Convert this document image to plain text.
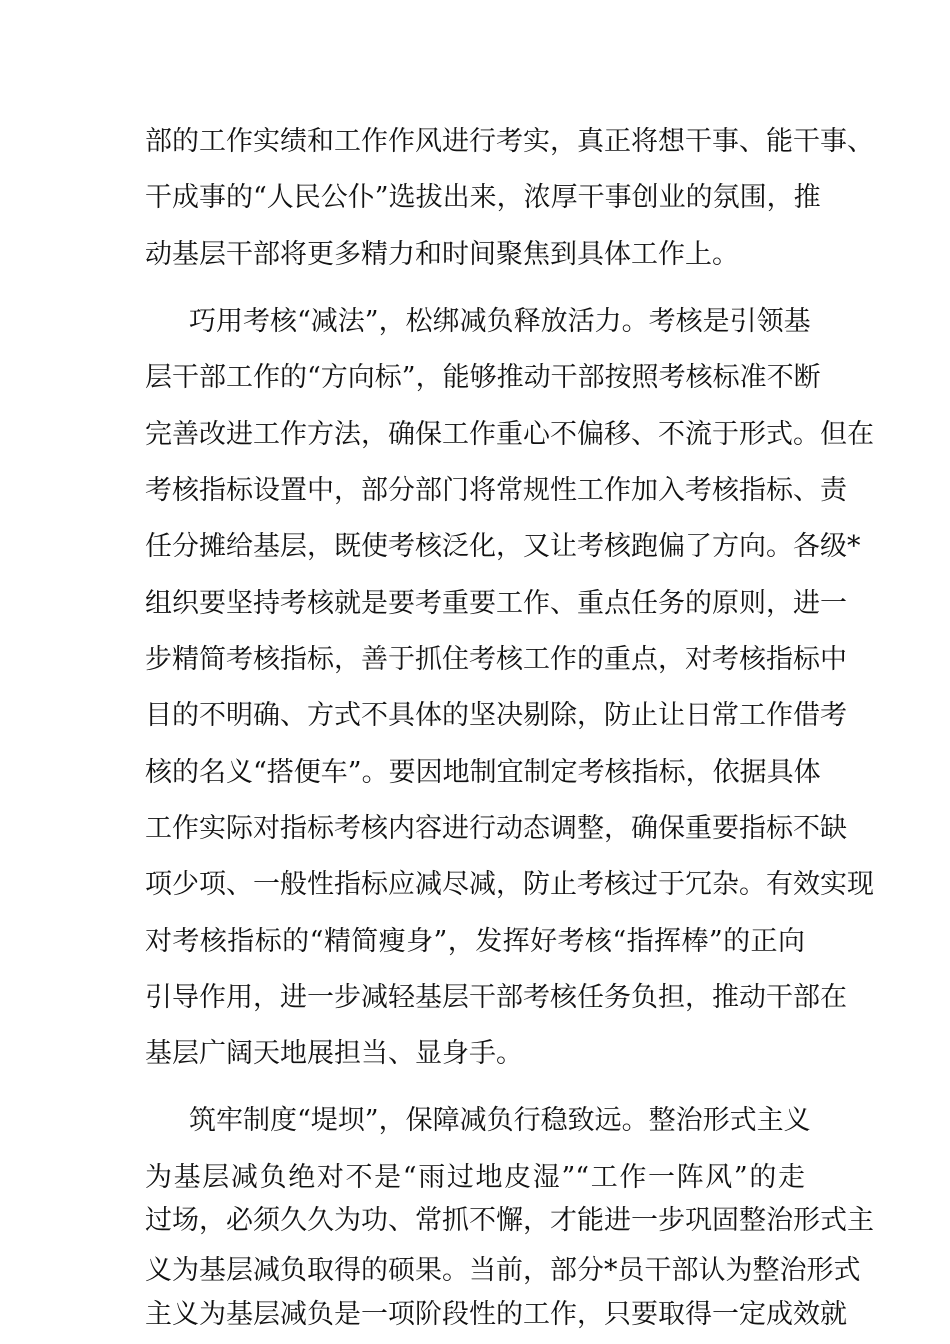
部的工作实绩和工作作风进行考实，真正将想干事、能干事、
干成事的“人民公仆”选拔出来，浓厚干事创业的氛围，推
动基层干部将更多精力和时间聚焦到具体工作上。
巧用考核“减法”，松绑减负释放活力。考核是引领基
层干部工作的“方向标”，能够推动干部按照考核标准不断
完善改进工作方法，确保工作重心不偏移、不流于形式。但在
考核指标设置中，部分部门将常规性工作加入考核指标、责
任分摊给基层，既使考核泛化，又让考核跑偏了方向。各级*
组织要坚持考核就是要考重要工作、重点任务的原则，进一
步精简考核指标，善于抓住考核工作的重点，对考核指标中
目的不明确、方式不具体的坚决剔除，防止让日常工作借考
核的名义“搭便车”。要因地制宜制定考核指标，依据具体
工作实际对指标考核内容进行动态调整，确保重要指标不缺
项少项、一般性指标应减尽减，防止考核过于冗杂。有效实现
对考核指标的“精简瘦身”，发挥好考核“指挥棒”的正向
引导作用，进一步减轻基层干部考核任务负担，推动干部在
基层广阔天地展担当、显身手。
筑牢制度“堤坝”，保障减负行稳致远。整治形式主义
为基层减负绝对不是“雨过地皮湿”“工作一阵风”的走
过场，必须久久为功、常抓不懈，才能进一步巩固整治形式主
义为基层减负取得的硕果。当前，部分*员干部认为整治形式
主义为基层减负是一项阶段性的工作，只要取得一定成效就
